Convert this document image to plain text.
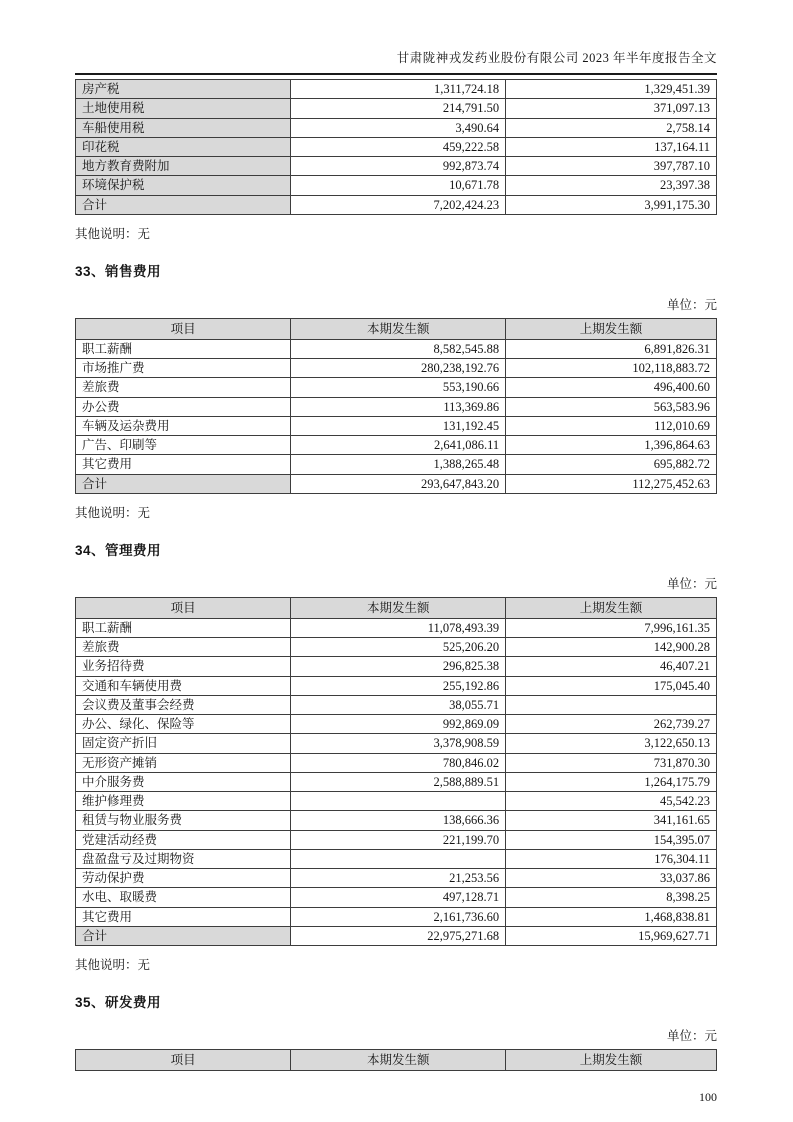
甘肃陇神戎发药业股份有限公司 2023 年半年度报告全文
房产税	1,311,724.18	1,329,451.39
土地使用税	214,791.50	371,097.13
车船使用税	3,490.64	2,758.14
印花税	459,222.58	137,164.11
地方教育费附加	992,873.74	397,787.10
环境保护税	10,671.78	23,397.38
合计	7,202,424.23	3,991,175.30
其他说明：无
33、销售费用
单位：元
项目	本期发生额	上期发生额
职工薪酬	8,582,545.88	6,891,826.31
市场推广费	280,238,192.76	102,118,883.72
差旅费	553,190.66	496,400.60
办公费	113,369.86	563,583.96
车辆及运杂费用	131,192.45	112,010.69
广告、印刷等	2,641,086.11	1,396,864.63
其它费用	1,388,265.48	695,882.72
合计	293,647,843.20	112,275,452.63
其他说明：无
34、管理费用
单位：元
项目	本期发生额	上期发生额
职工薪酬	11,078,493.39	7,996,161.35
差旅费	525,206.20	142,900.28
业务招待费	296,825.38	46,407.21
交通和车辆使用费	255,192.86	175,045.40
会议费及董事会经费	38,055.71	
办公、绿化、保险等	992,869.09	262,739.27
固定资产折旧	3,378,908.59	3,122,650.13
无形资产摊销	780,846.02	731,870.30
中介服务费	2,588,889.51	1,264,175.79
维护修理费		45,542.23
租赁与物业服务费	138,666.36	341,161.65
党建活动经费	221,199.70	154,395.07
盘盈盘亏及过期物资		176,304.11
劳动保护费	21,253.56	33,037.86
水电、取暖费	497,128.71	8,398.25
其它费用	2,161,736.60	1,468,838.81
合计	22,975,271.68	15,969,627.71
其他说明：无
35、研发费用
单位：元
项目	本期发生额	上期发生额
100
